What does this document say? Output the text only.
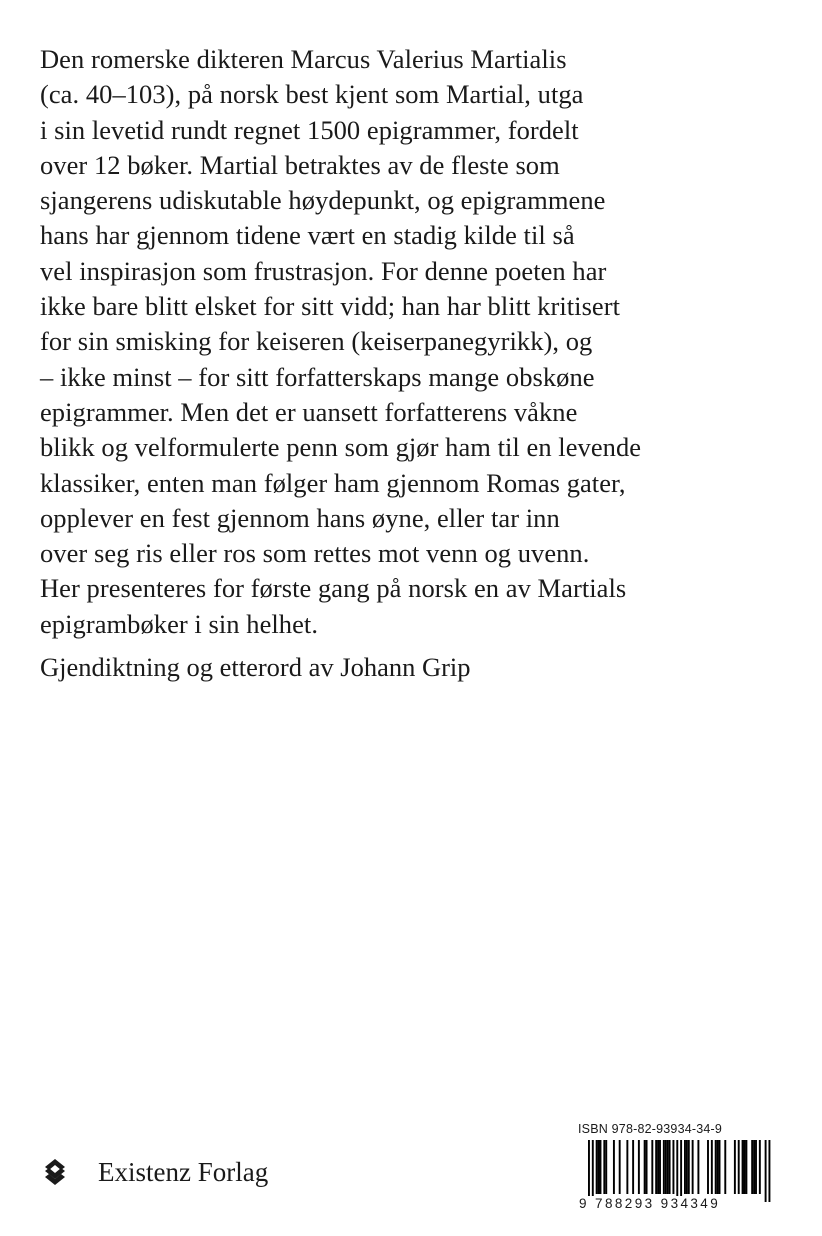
Den romerske dikteren Marcus Valerius Martialis
(ca. 40–103), på norsk best kjent som Martial, utga
i sin levetid rundt regnet 1500 epigrammer, fordelt
over 12 bøker. Martial betraktes av de fleste som
sjangerens udiskutable høydepunkt, og epigrammene
hans har gjennom tidene vært en stadig kilde til så
vel inspirasjon som frustrasjon. For denne poeten har
ikke bare blitt elsket for sitt vidd; han har blitt kritisert
for sin smisking for keiseren (keiserpanegyrikk), og
– ikke minst – for sitt forfatterskaps mange obskøne
epigrammer. Men det er uansett forfatterens våkne
blikk og velformulerte penn som gjør ham til en levende
klassiker, enten man følger ham gjennom Romas gater,
opplever en fest gjennom hans øyne, eller tar inn
over seg ris eller ros som rettes mot venn og uvenn.
Her presenteres for første gang på norsk en av Martials
epigrambøker i sin helhet.
Gjendiktning og etterord av Johann Grip
Existenz Forlag
ISBN 978-82-93934-34-9
9 788293 934349
